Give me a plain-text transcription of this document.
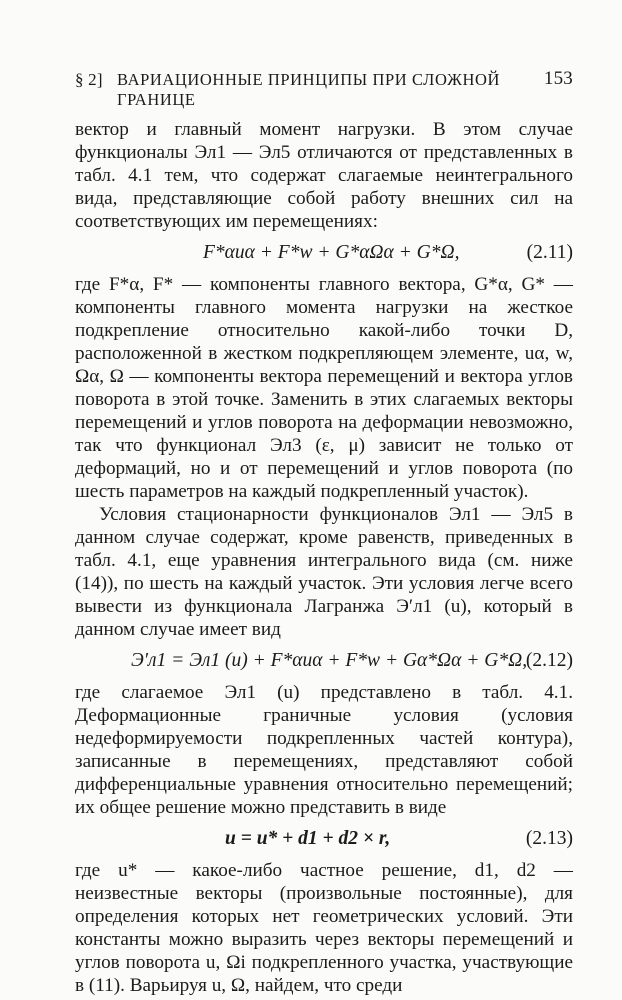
§ 2] ВАРИАЦИОННЫЕ ПРИНЦИПЫ ПРИ СЛОЖНОЙ ГРАНИЦЕ
153

вектор и главный момент нагрузки. В этом случае функционалы Эл1 — Эл5 отличаются от представленных в табл. 4.1 тем, что содержат слагаемые неинтегрального вида, представляющие собой работу внешних сил на соответствующих им перемещениях:

F*αuα + F*w + G*αΩα + G*Ω,	(2.11)

где F*α, F* — компоненты главного вектора, G*α, G* — компоненты главного момента нагрузки на жесткое подкрепление относительно какой-либо точки D, расположенной в жестком подкрепляющем элементе, uα, w, Ωα, Ω — компоненты вектора перемещений и вектора углов поворота в этой точке. Заменить в этих слагаемых векторы перемещений и углов поворота на деформации невозможно, так что функционал Эл3 (ε, μ) зависит не только от деформаций, но и от перемещений и углов поворота (по шесть параметров на каждый подкрепленный участок).

Условия стационарности функционалов Эл1 — Эл5 в данном случае содержат, кроме равенств, приведенных в табл. 4.1, еще уравнения интегрального вида (см. ниже (14)), по шесть на каждый участок. Эти условия легче всего вывести из функционала Лагранжа Э′л1 (u), который в данном случае имеет вид

Э′л1 = Эл1 (u) + F*αuα + F*w + Gα*Ωα + G*Ω,
(2.12)

где слагаемое Эл1 (u) представлено в табл. 4.1. Деформационные граничные условия (условия недеформируемости подкрепленных частей контура), записанные в перемещениях, представляют собой дифференциальные уравнения относительно перемещений; их общее решение можно представить в виде

u = u* + d1 + d2 × r,	(2.13)

где u* — какое-либо частное решение, d1, d2 — неизвестные векторы (произвольные постоянные), для определения которых нет геометрических условий. Эти константы можно выразить через векторы перемещений и углов поворота u, Ωi подкрепленного участка, участвующие в (11). Варьируя u, Ω, найдем, что среди
